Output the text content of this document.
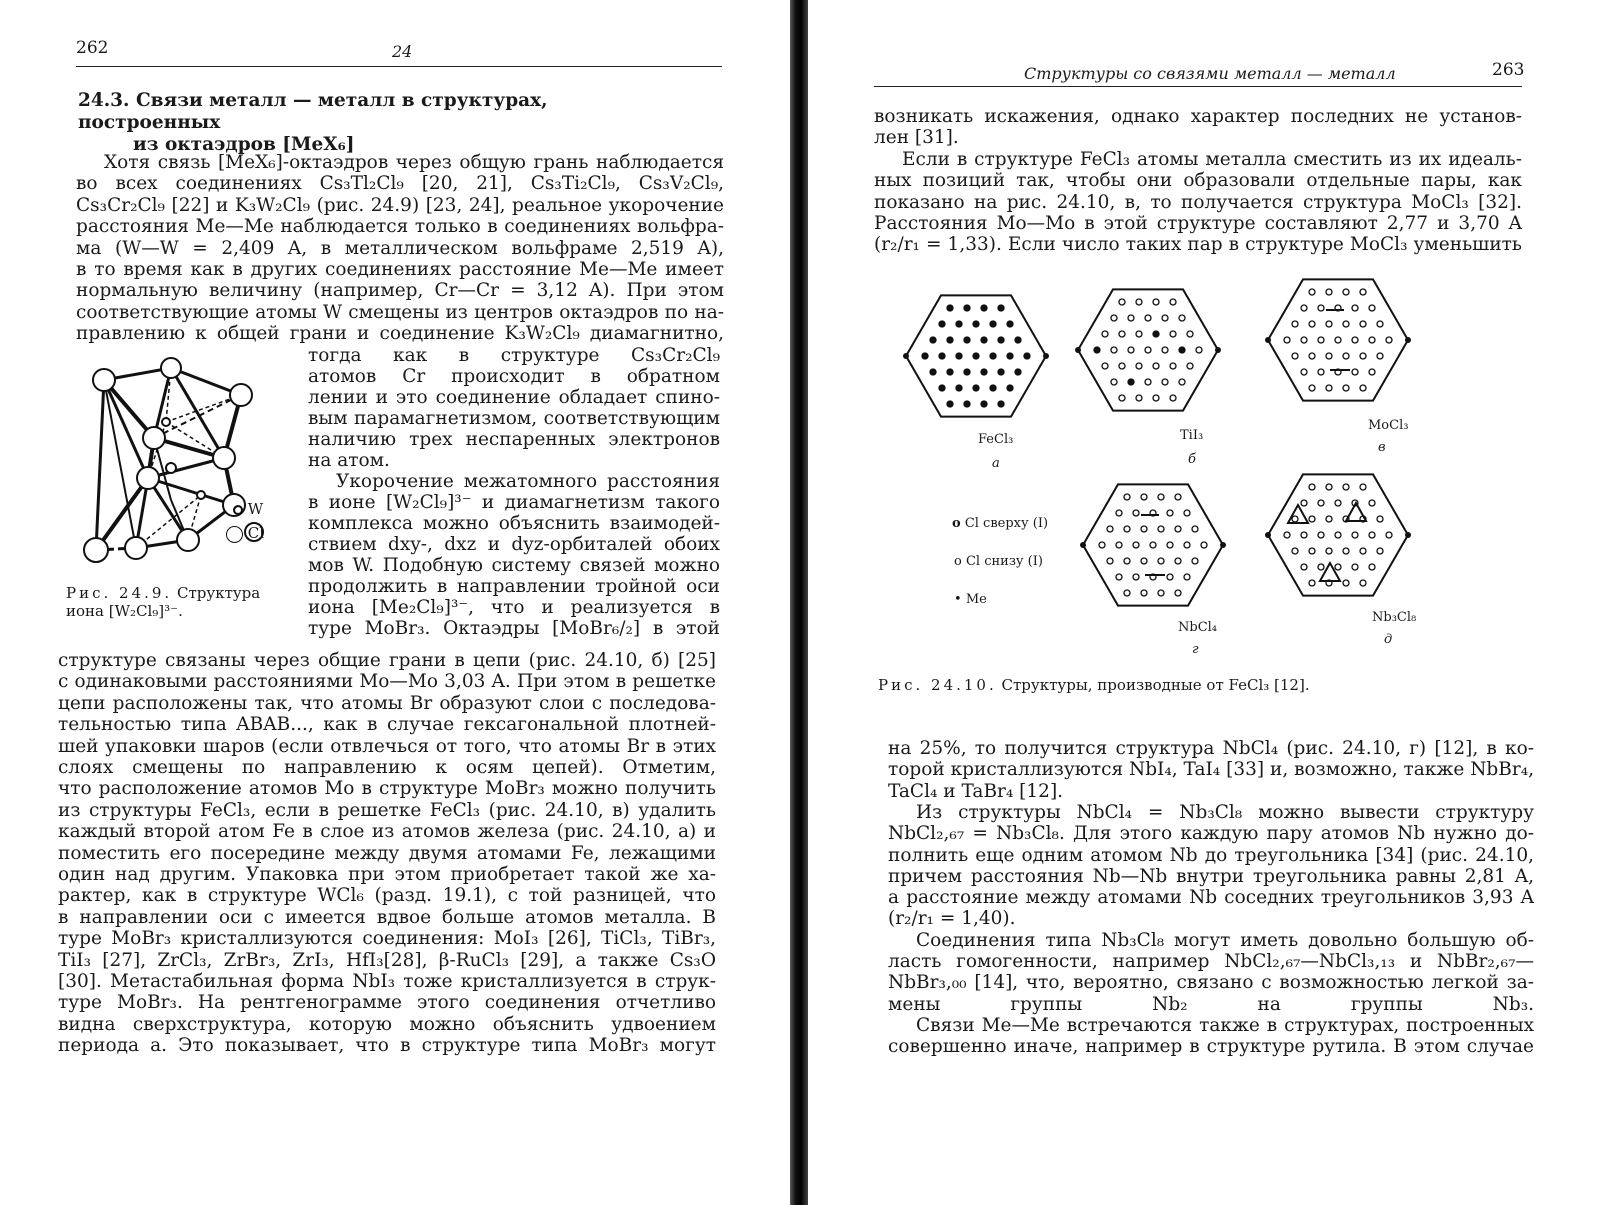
262	24
24.3. Связи металл — металл в структурах, построенных
из октаэдров [MeX₆]
Хотя связь [MeX₆]-октаэдров через общую грань наблюдается
во всех соединениях Cs₃Tl₂Cl₉ [20, 21], Cs₃Ti₂Cl₉, Cs₃V₂Cl₉,
Cs₃Cr₂Cl₉ [22] и K₃W₂Cl₉ (рис. 24.9) [23, 24], реальное укорочение
расстояния Me—Me наблюдается только в соединениях вольфра-
ма (W—W = 2,409 A, в металлическом вольфраме 2,519 A),
в то время как в других соединениях расстояние Me—Me имеет
нормальную величину (например, Cr—Cr = 3,12 A). При этом
соответствующие атомы W смещены из центров октаэдров по на-
правлению к общей грани и соединение K₃W₂Cl₉ диамагнитно,
тогда как в структуре Cs₃Cr₂Cl₉
атомов Cr происходит в обратном
лении и это соединение обладает спино-
вым парамагнетизмом, соответствующим
наличию трех неспаренных электронов
на атом.
Укорочение межатомного расстояния
в ионе [W₂Cl₉]³⁻ и диамагнетизм такого
комплекса можно объяснить взаимодей-
ствием dxy-, dxz и dyz-орбиталей обоих
мов W. Подобную систему связей можно
продолжить в направлении тройной оси
иона [Me₂Cl₉]³⁻, что и реализуется в
туре MoBr₃. Октаэдры [MoBr₆/₂] в этой
структуре связаны через общие грани в цепи (рис. 24.10, б) [25]
с одинаковыми расстояниями Mo—Mo 3,03 A. При этом в решетке
цепи расположены так, что атомы Br образуют слои с последова-
тельностью типа ABAB..., как в случае гексагональной плотней-
шей упаковки шаров (если отвлечься от того, что атомы Br в этих
слоях смещены по направлению к осям цепей). Отметим,
что расположение атомов Mo в структуре MoBr₃ можно получить
из структуры FeCl₃, если в решетке FeCl₃ (рис. 24.10, в) удалить
каждый второй атом Fe в слое из атомов железа (рис. 24.10, а) и
поместить его посередине между двумя атомами Fe, лежащими
один над другим. Упаковка при этом приобретает такой же ха-
рактер, как в структуре WCl₆ (разд. 19.1), с той разницей, что
в направлении оси c имеется вдвое больше атомов металла. В
туре MoBr₃ кристаллизуются соединения: MoI₃ [26], TiCl₃, TiBr₃,
TiI₃ [27], ZrCl₃, ZrBr₃, ZrI₃, HfI₃[28], β-RuCl₃ [29], а также Cs₃O
[30]. Метастабильная форма NbI₃ тоже кристаллизуется в струк-
туре MoBr₃. На рентгенограмме этого соединения отчетливо
видна сверхструктура, которую можно объяснить удвоением
периода a. Это показывает, что в структуре типа MoBr₃ могут
W
Cl
Рис. 24.9. Структура
иона [W₂Cl₉]³⁻.
Структуры со связями металл — металл	263
возникать искажения, однако характер последних не установ-
лен [31].
Если в структуре FeCl₃ атомы металла сместить из их идеаль-
ных позиций так, чтобы они образовали отдельные пары, как
показано на рис. 24.10, в, то получается структура MoCl₃ [32].
Расстояния Mo—Mo в этой структуре составляют 2,77 и 3,70 A
(r₂/r₁ = 1,33). Если число таких пар в структуре MoCl₃ уменьшить
на 25%, то получится структура NbCl₄ (рис. 24.10, г) [12], в ко-
торой кристаллизуются NbI₄, TaI₄ [33] и, возможно, также NbBr₄,
TaCl₄ и TaBr₄ [12].
Из структуры NbCl₄ = Nb₃Cl₈ можно вывести структуру
NbCl₂,₆₇ = Nb₃Cl₈. Для этого каждую пару атомов Nb нужно до-
полнить еще одним атомом Nb до треугольника [34] (рис. 24.10,
причем расстояния Nb—Nb внутри треугольника равны 2,81 A,
а расстояние между атомами Nb соседних треугольников 3,93 A
(r₂/r₁ = 1,40).
Соединения типа Nb₃Cl₈ могут иметь довольно большую об-
ласть гомогенности, например NbCl₂,₆₇—NbCl₃,₁₃ и NbBr₂,₆₇—
NbBr₃,₀₀ [14], что, вероятно, связано с возможностью легкой за-
мены группы Nb₂ на группы Nb₃.
Связи Me—Me встречаются также в структурах, построенных
совершенно иначе, например в структуре рутила. В этом случае
FeCl₃
а
TiI₃
б
MoCl₃
в
NbCl₄
г
Nb₃Cl₈
д
o Cl сверху (I)
o Cl снизу (I)
• Me
Рис. 24.10. Структуры, производные от FeCl₃ [12].
